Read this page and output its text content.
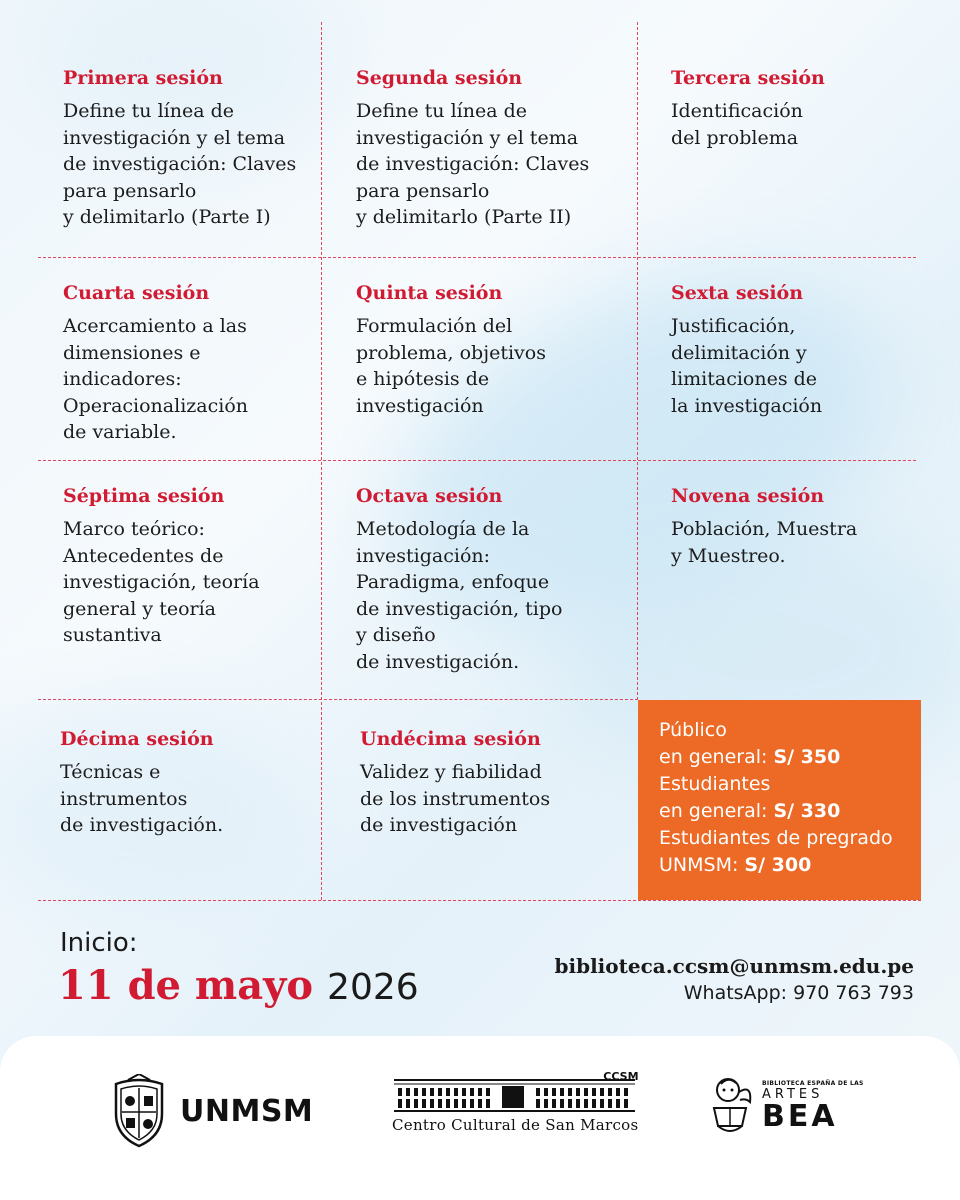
Primera sesión

Define tu línea de
investigación y el tema
de investigación: Claves
para pensarlo
y delimitarlo (Parte I)

Segunda sesión

Define tu línea de
investigación y el tema
de investigación: Claves
para pensarlo
y delimitarlo (Parte II)

Tercera sesión

Identificación
del problema

Cuarta sesión

Acercamiento a las
dimensiones e
indicadores:
Operacionalización
de variable.

Quinta sesión

Formulación del
problema, objetivos
e hipótesis de
investigación

Sexta sesión

Justificación,
delimitación y
limitaciones de
la investigación

Séptima sesión

Marco teórico:
Antecedentes de
investigación, teoría
general y teoría
sustantiva

Octava sesión

Metodología de la
investigación:
Paradigma, enfoque
de investigación, tipo
y diseño
de investigación.

Novena sesión

Población, Muestra
y Muestreo.

Décima sesión

Técnicas e
instrumentos
de investigación.

Undécima sesión

Validez y fiabilidad
de los instrumentos
de investigación

Público
en general: S/ 350
Estudiantes
en general: S/ 330
Estudiantes de pregrado
UNMSM: S/ 300
Inicio:
11 de mayo 2026
biblioteca.ccsm@unmsm.edu.pe
WhatsApp: 970 763 793
UNMSM
CCSM
Centro Cultural de San Marcos
BIBLIOTECA ESPAÑA DE LAS
ARTES
BEA
